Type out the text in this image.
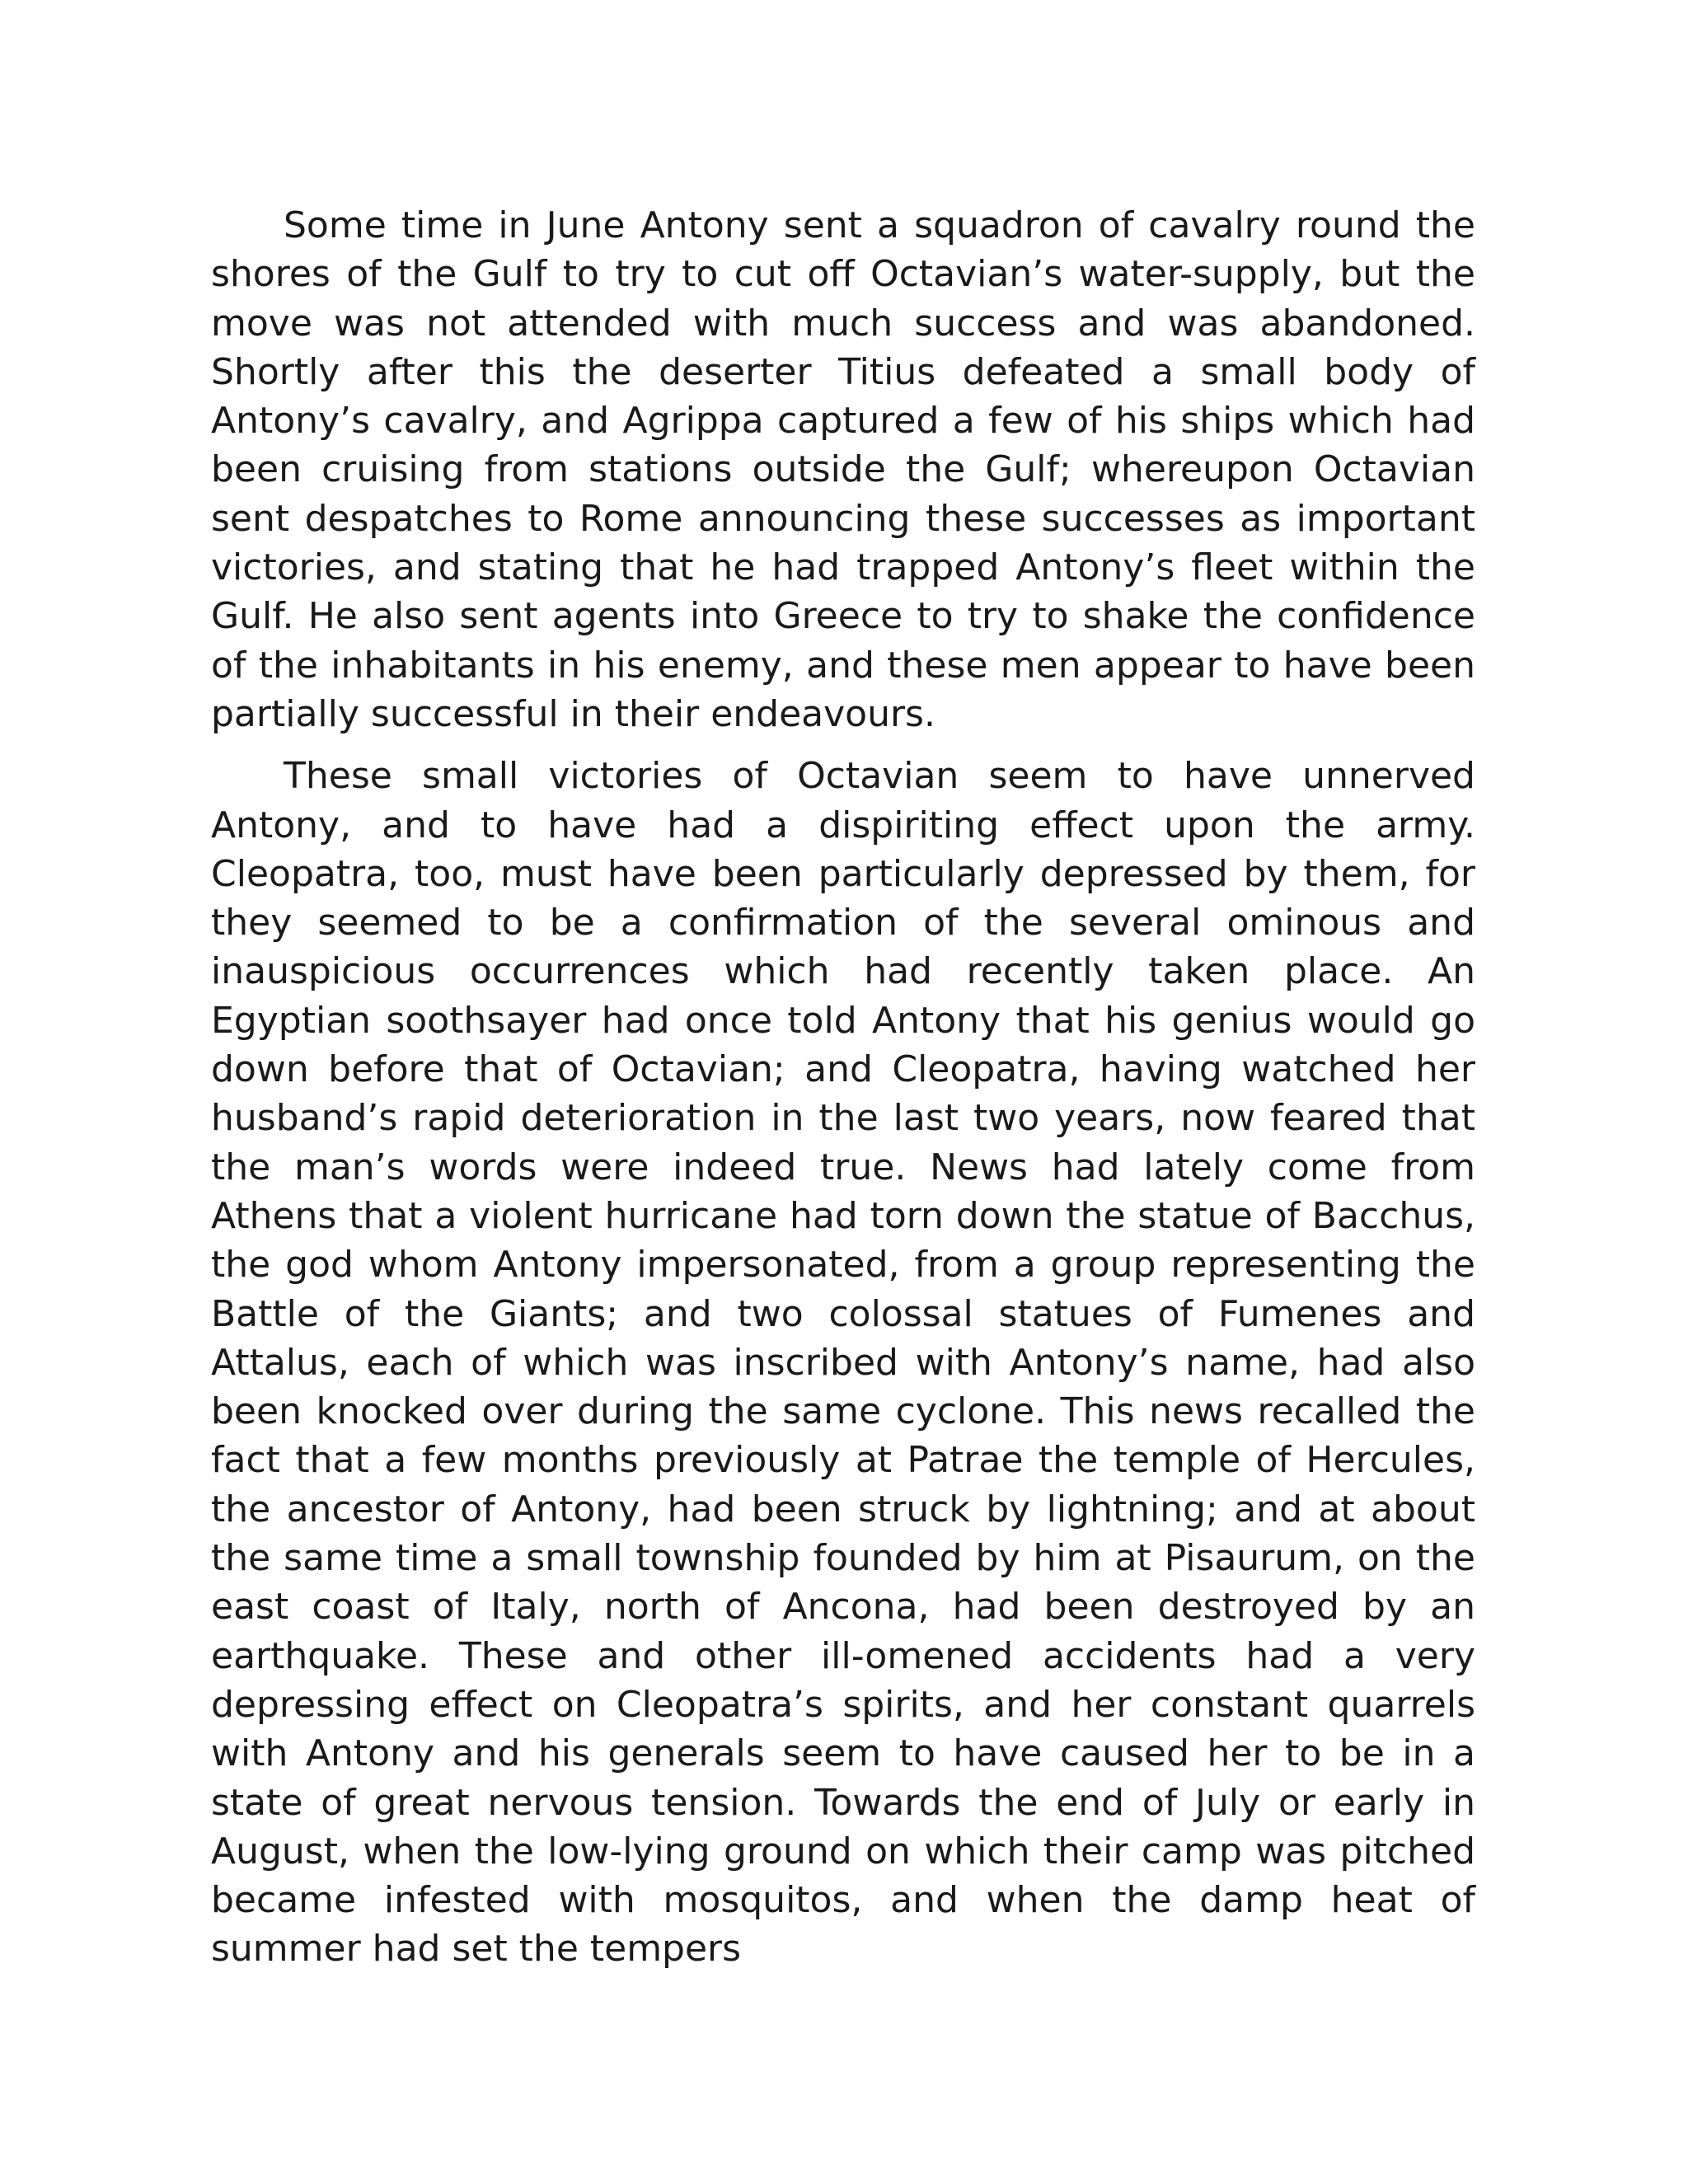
Some time in June Antony sent a squadron of cavalry round the shores of the Gulf to try to cut off Octavian’s water-supply, but the move was not attended with much success and was abandoned. Shortly after this the deserter Titius defeated a small body of Antony’s cavalry, and Agrippa captured a few of his ships which had been cruising from stations outside the Gulf; whereupon Octavian sent despatches to Rome announcing these successes as important victories, and stating that he had trapped Antony’s fleet within the Gulf. He also sent agents into Greece to try to shake the confidence of the inhabitants in his enemy, and these men appear to have been partially successful in their endeavours.

These small victories of Octavian seem to have unnerved Antony, and to have had a dispiriting effect upon the army. Cleopatra, too, must have been particularly depressed by them, for they seemed to be a confirmation of the several ominous and inauspicious occurrences which had recently taken place. An Egyptian soothsayer had once told Antony that his genius would go down before that of Octavian; and Cleopatra, having watched her husband’s rapid deterioration in the last two years, now feared that the man’s words were indeed true. News had lately come from Athens that a violent hurricane had torn down the statue of Bacchus, the god whom Antony impersonated, from a group representing the Battle of the Giants; and two colossal statues of Fumenes and Attalus, each of which was inscribed with Antony’s name, had also been knocked over during the same cyclone. This news recalled the fact that a few months previously at Patrae the temple of Hercules, the ancestor of Antony, had been struck by lightning; and at about the same time a small township founded by him at Pisaurum, on the east coast of Italy, north of Ancona, had been destroyed by an earthquake. These and other ill-omened accidents had a very depressing effect on Cleopatra’s spirits, and her constant quarrels with Antony and his generals seem to have caused her to be in a state of great nervous tension. Towards the end of July or early in August, when the low-lying ground on which their camp was pitched became infested with mosquitos, and when the damp heat of summer had set the tempers
